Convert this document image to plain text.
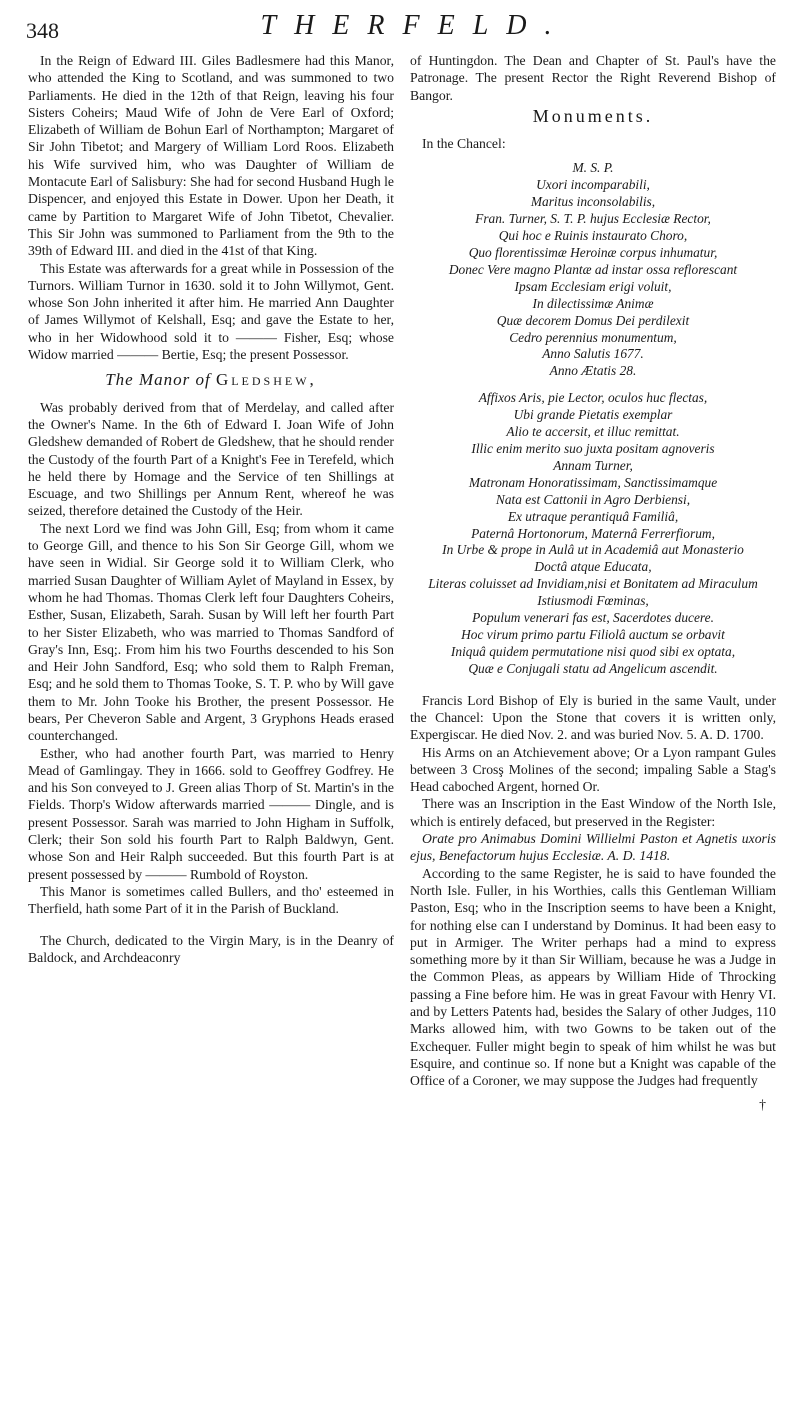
348	THERFELD.

In the Reign of Edward III. Giles Badlesmere had this Manor, who attended the King to Scotland, and was summoned to two Parliaments. He died in the 12th of that Reign, leaving his four Sisters Coheirs; Maud Wife of John de Vere Earl of Oxford; Elizabeth of William de Bohun Earl of Northampton; Margaret of Sir John Tibetot; and Margery of William Lord Roos. Elizabeth his Wife survived him, who was Daughter of William de Montacute Earl of Salisbury: She had for second Husband Hugh le Dispencer, and enjoyed this Estate in Dower. Upon her Death, it came by Partition to Margaret Wife of John Tibetot, Chevalier. This Sir John was summoned to Parliament from the 9th to the 39th of Edward III. and died in the 41st of that King.

This Estate was afterwards for a great while in Possession of the Turnors. William Turnor in 1630. sold it to John Willymot, Gent. whose Son John inherited it after him. He married Ann Daughter of James Willymot of Kelshall, Esq; and gave the Estate to her, who in her Widowhood sold it to ——— Fisher, Esq; whose Widow married ——— Bertie, Esq; the present Possessor.

The Manor of Gledshew,

Was probably derived from that of Merdelay, and called after the Owner's Name. In the 6th of Edward I. Joan Wife of John Gledshew demanded of Robert de Gledshew, that he should render the Custody of the fourth Part of a Knight's Fee in Terefeld, which he held there by Homage and the Service of ten Shillings at Escuage, and two Shillings per Annum Rent, whereof he was seized, therefore detained the Custody of the Heir.

The next Lord we find was John Gill, Esq; from whom it came to George Gill, and thence to his Son Sir George Gill, whom we have seen in Widial. Sir George sold it to William Clerk, who married Susan Daughter of William Aylet of Mayland in Essex, by whom he had Thomas. Thomas Clerk left four Daughters Coheirs, Esther, Susan, Elizabeth, Sarah. Susan by Will left her fourth Part to her Sister Elizabeth, who was married to Thomas Sandford of Gray's Inn, Esq;. From him his two Fourths descended to his Son and Heir John Sandford, Esq; who sold them to Ralph Freman, Esq; and he sold them to Thomas Tooke, S. T. P. who by Will gave them to Mr. John Tooke his Brother, the present Possessor. He bears, Per Cheveron Sable and Argent, 3 Gryphons Heads erased counterchanged.

Esther, who had another fourth Part, was married to Henry Mead of Gamlingay. They in 1666. sold to Geoffrey Godfrey. He and his Son conveyed to J. Green alias Thorp of St. Martin's in the Fields. Thorp's Widow afterwards married ——— Dingle, and is present Possessor. Sarah was married to John Higham in Suffolk, Clerk; their Son sold his fourth Part to Ralph Baldwyn, Gent. whose Son and Heir Ralph succeeded. But this fourth Part is at present possessed by ——— Rumbold of Royston.

This Manor is sometimes called Bullers, and tho' esteemed in Therfield, hath some Part of it in the Parish of Buckland.

The Church, dedicated to the Virgin Mary, is in the Deanry of Baldock, and Archdeaconry

of Huntingdon. The Dean and Chapter of St. Paul's have the Patronage. The present Rector the Right Reverend Bishop of Bangor.

Monuments.

In the Chancel:

M. S. P.
Uxori incomparabili,
Maritus inconsolabilis,
Fran. Turner, S. T. P. hujus Ecclesiæ Rector,
Qui hoc e Ruinis instaurato Choro,
Quo florentissimæ Heroinæ corpus inhumatur,
Donec Vere magno Plantæ ad instar ossa reflorescant
Ipsam Ecclesiam erigi voluit,
In dilectissimæ Animæ
Quæ decorem Domus Dei perdilexit
Cedro perennius monumentum,
Anno Salutis 1677.
Anno Ætatis 28.
Affixos Aris, pie Lector, oculos huc flectas,
Ubi grande Pietatis exemplar
Alio te accersit, et illuc remittat.
Illic enim merito suo juxta positam agnoveris
Annam Turner,
Matronam Honoratissimam, Sanctissimamque
Nata est Cattonii in Agro Derbiensi,
Ex utraque perantiquâ Familiâ,
Paternâ Hortonorum, Maternâ Ferrerfiorum,
In Urbe & prope in Aulâ ut in Academiâ aut Monasterio
Doctâ atque Educata,
Literas coluisset ad Invidiam,nisi et Bonitatem ad Miraculum
Istiusmodi Fœminas,
Populum venerari fas est, Sacerdotes ducere.
Hoc virum primo partu Filiolâ auctum se orbavit
Iniquâ quidem permutatione nisi quod sibi ex optata,
Quæ e Conjugali statu ad Angelicum ascendit.

Francis Lord Bishop of Ely is buried in the same Vault, under the Chancel: Upon the Stone that covers it is written only, Expergiscar. He died Nov. 2. and was buried Nov. 5. A. D. 1700.

His Arms on an Atchievement above; Or a Lyon rampant Gules between 3 Crosş Molines of the second; impaling Sable a Stag's Head caboched Argent, horned Or.

There was an Inscription in the East Window of the North Isle, which is entirely defaced, but preserved in the Register:

Orate pro Animabus Domini Willielmi Paston et Agnetis uxoris ejus, Benefactorum hujus Ecclesiæ. A. D. 1418.

According to the same Register, he is said to have founded the North Isle. Fuller, in his Worthies, calls this Gentleman William Paston, Esq; who in the Inscription seems to have been a Knight, for nothing else can I understand by Dominus. It had been easy to put in Armiger. The Writer perhaps had a mind to express something more by it than Sir William, because he was a Judge in the Common Pleas, as appears by William Hide of Throcking passing a Fine before him. He was in great Favour with Henry VI. and by Letters Patents had, besides the Salary of other Judges, 110 Marks allowed him, with two Gowns to be taken out of the Exchequer. Fuller might begin to speak of him whilst he was but Esquire, and continue so. If none but a Knight was capable of the Office of a Coroner, we may suppose the Judges had frequently

†
